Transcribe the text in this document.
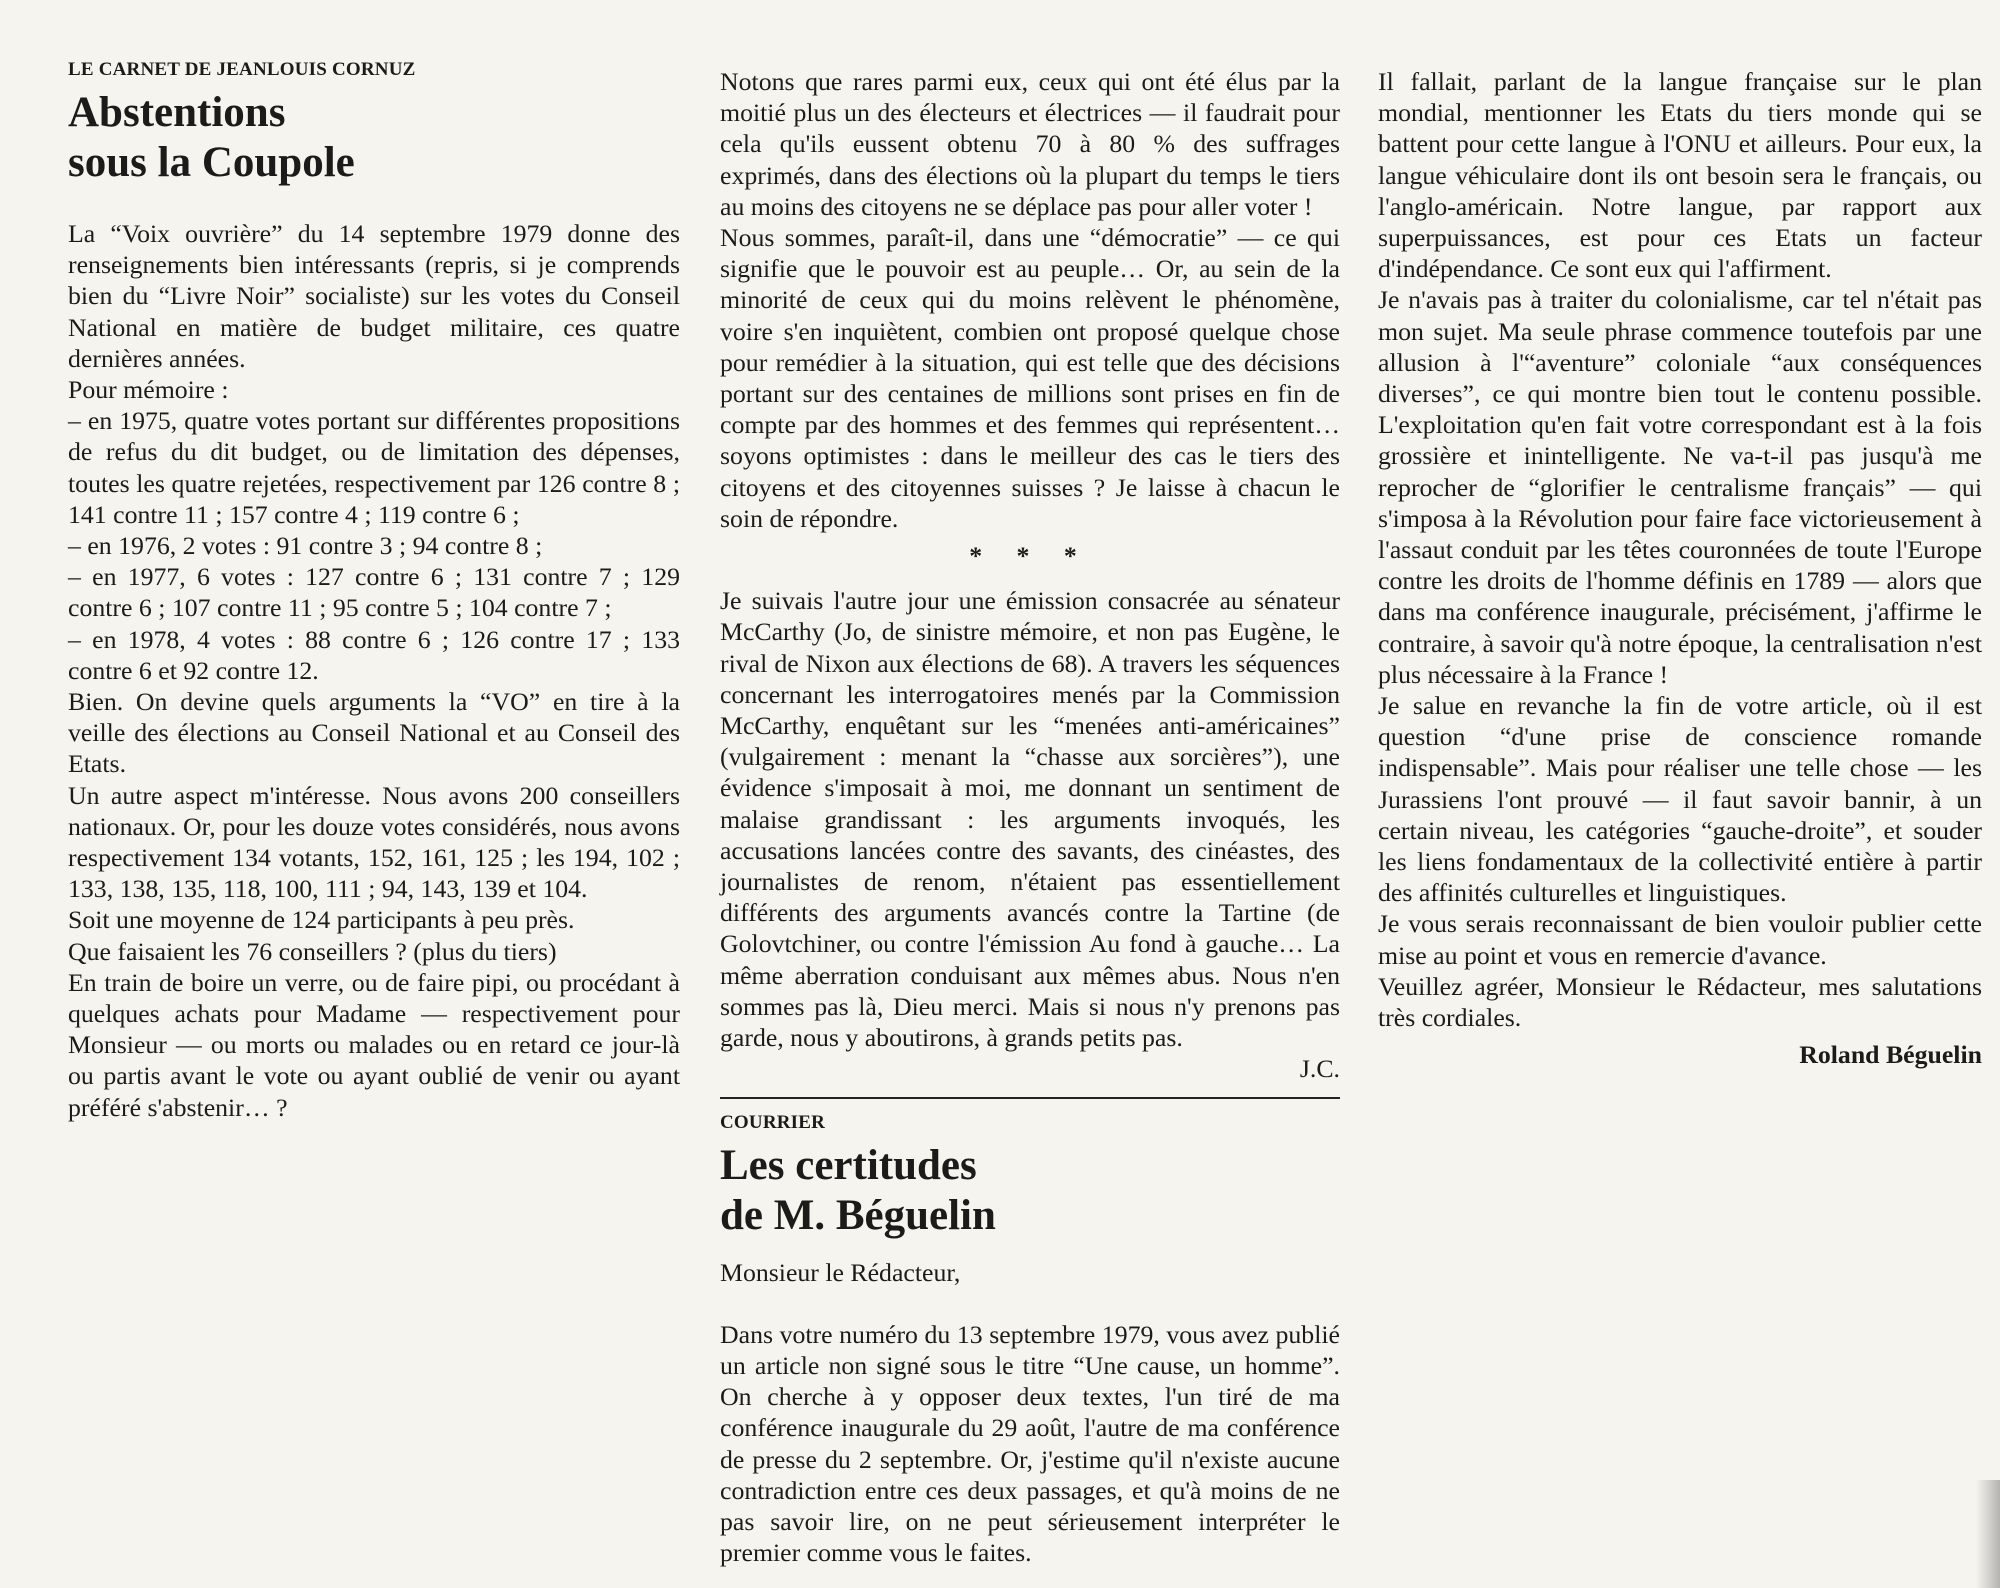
LE CARNET DE JEANLOUIS CORNUZ
Abstentions
sous la Coupole

La “Voix ouvrière” du 14 septembre 1979 donne des renseignements bien intéressants (repris, si je comprends bien du “Livre Noir” socialiste) sur les votes du Conseil National en matière de budget militaire, ces quatre dernières années.

Pour mémoire :

– en 1975, quatre votes portant sur différentes propositions de refus du dit budget, ou de limitation des dépenses, toutes les quatre rejetées, respectivement par 126 contre 8 ; 141 contre 11 ; 157 contre 4 ; 119 contre 6 ;

– en 1976, 2 votes : 91 contre 3 ; 94 contre 8 ;

– en 1977, 6 votes : 127 contre 6 ; 131 contre 7 ; 129 contre 6 ; 107 contre 11 ; 95 contre 5 ; 104 contre 7 ;

– en 1978, 4 votes : 88 contre 6 ; 126 contre 17 ; 133 contre 6 et 92 contre 12.

Bien. On devine quels arguments la “VO” en tire à la veille des élections au Conseil National et au Conseil des Etats.

Un autre aspect m'intéresse. Nous avons 200 conseillers nationaux. Or, pour les douze votes considérés, nous avons respectivement 134 votants, 152, 161, 125 ; les 194, 102 ; 133, 138, 135, 118, 100, 111 ; 94, 143, 139 et 104.

Soit une moyenne de 124 participants à peu près.

Que faisaient les 76 conseillers ? (plus du tiers)

En train de boire un verre, ou de faire pipi, ou procédant à quelques achats pour Madame — respectivement pour Monsieur — ou morts ou malades ou en retard ce jour-là ou partis avant le vote ou ayant oublié de venir ou ayant préféré s'abstenir… ?

Notons que rares parmi eux, ceux qui ont été élus par la moitié plus un des électeurs et électrices — il faudrait pour cela qu'ils eussent obtenu 70 à 80 % des suffrages exprimés, dans des élections où la plupart du temps le tiers au moins des citoyens ne se déplace pas pour aller voter !

Nous sommes, paraît-il, dans une “démocratie” — ce qui signifie que le pouvoir est au peuple… Or, au sein de la minorité de ceux qui du moins relèvent le phénomène, voire s'en inquiètent, combien ont proposé quelque chose pour remédier à la situation, qui est telle que des décisions portant sur des centaines de millions sont prises en fin de compte par des hommes et des femmes qui représentent… soyons optimistes : dans le meilleur des cas le tiers des citoyens et des citoyennes suisses ? Je laisse à chacun le soin de répondre.

* * *

Je suivais l'autre jour une émission consacrée au sénateur McCarthy (Jo, de sinistre mémoire, et non pas Eugène, le rival de Nixon aux élections de 68). A travers les séquences concernant les interrogatoires menés par la Commission McCarthy, enquêtant sur les “menées anti-américaines” (vulgairement : menant la “chasse aux sorcières”), une évidence s'imposait à moi, me donnant un sentiment de malaise grandissant : les arguments invoqués, les accusations lancées contre des savants, des cinéastes, des journalistes de renom, n'étaient pas essentiellement différents des arguments avancés contre la Tartine (de Golovtchiner, ou contre l'émission Au fond à gauche… La même aberration conduisant aux mêmes abus. Nous n'en sommes pas là, Dieu merci. Mais si nous n'y prenons pas garde, nous y aboutirons, à grands petits pas.

J.C.

COURRIER
Les certitudes
de M. Béguelin

Monsieur le Rédacteur,

Dans votre numéro du 13 septembre 1979, vous avez publié un article non signé sous le titre “Une cause, un homme”. On cherche à y opposer deux textes, l'un tiré de ma conférence inaugurale du 29 août, l'autre de ma conférence de presse du 2 septembre. Or, j'estime qu'il n'existe aucune contradiction entre ces deux passages, et qu'à moins de ne pas savoir lire, on ne peut sérieusement interpréter le premier comme vous le faites.

Il fallait, parlant de la langue française sur le plan mondial, mentionner les Etats du tiers monde qui se battent pour cette langue à l'ONU et ailleurs. Pour eux, la langue véhiculaire dont ils ont besoin sera le français, ou l'anglo-américain. Notre langue, par rapport aux superpuissances, est pour ces Etats un facteur d'indépendance. Ce sont eux qui l'affirment.

Je n'avais pas à traiter du colonialisme, car tel n'était pas mon sujet. Ma seule phrase commence toutefois par une allusion à l'“aventure” coloniale “aux conséquences diverses”, ce qui montre bien tout le contenu possible. L'exploitation qu'en fait votre correspondant est à la fois grossière et inintelligente. Ne va-t-il pas jusqu'à me reprocher de “glorifier le centralisme français” — qui s'imposa à la Révolution pour faire face victorieusement à l'assaut conduit par les têtes couronnées de toute l'Europe contre les droits de l'homme définis en 1789 — alors que dans ma conférence inaugurale, précisément, j'affirme le contraire, à savoir qu'à notre époque, la centralisation n'est plus nécessaire à la France !

Je salue en revanche la fin de votre article, où il est question “d'une prise de conscience romande indispensable”. Mais pour réaliser une telle chose — les Jurassiens l'ont prouvé — il faut savoir bannir, à un certain niveau, les catégories “gauche-droite”, et souder les liens fondamentaux de la collectivité entière à partir des affinités culturelles et linguistiques.

Je vous serais reconnaissant de bien vouloir publier cette mise au point et vous en remercie d'avance.

Veuillez agréer, Monsieur le Rédacteur, mes salutations très cordiales.

Roland Béguelin
